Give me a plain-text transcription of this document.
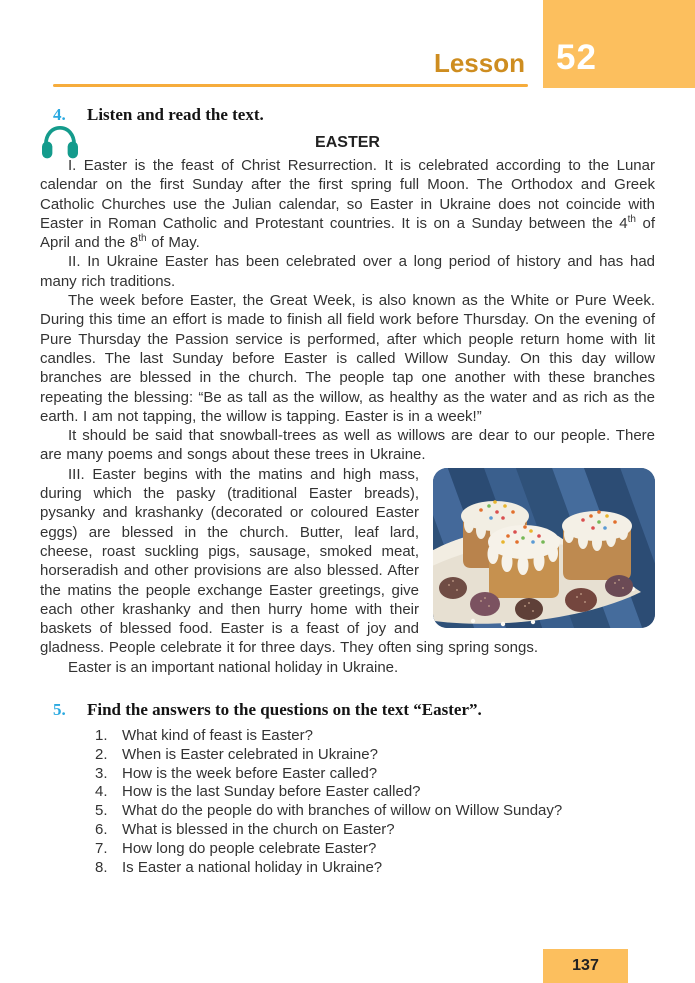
52
Lesson
4.	Listen and read the text.
EASTER

I. Easter is the feast of Christ Resurrection. It is celebrated according to the Lunar calendar on the first Sunday after the first spring full Moon. The Orthodox and Greek Catholic Churches use the Julian calendar, so Easter in Ukraine does not coincide with Easter in Roman Catholic and Protestant countries. It is on a Sunday between the 4th of April and the 8th of May.

II. In Ukraine Easter has been celebrated over a long period of history and has had many rich traditions.

The week before Easter, the Great Week, is also known as the White or Pure Week. During this time an effort is made to finish all field work before Thursday. On the evening of Pure Thursday the Passion service is performed, after which people return home with lit candles. The last Sunday before Easter is called Willow Sunday. On this day willow branches are blessed in the church. The people tap one another with these branches repeating the blessing: “Be as tall as the willow, as healthy as the water and as rich as the earth. I am not tapping, the willow is tapping. Easter is in a week!”

It should be said that snowball-trees as well as willows are dear to our people. There are many poems and songs about these trees in Ukraine.

III. Easter begins with the matins and high mass, during which the pasky (traditional Easter breads), pysanky and krashanky (decorated or coloured Easter eggs) are blessed in the church. Butter, leaf lard, cheese, roast suckling pigs, sausage, smoked meat, horseradish and other provisions are also blessed. After the matins the people exchange Easter greetings, give each other krashanky and then hurry home with their baskets of blessed food. Easter is a feast of joy and gladness. People celebrate it for three days. They often sing spring songs.

Easter is an important national holiday in Ukraine.

5.	Find the answers to the questions on the text “Easter”.
1. What kind of feast is Easter?
2. When is Easter celebrated in Ukraine?
3. How is the week before Easter called?
4. How is the last Sunday before Easter called?
5. What do the people do with branches of willow on Willow Sunday?
6. What is blessed in the church on Easter?
7. How long do people celebrate Easter?
8. Is Easter a national holiday in Ukraine?
137
